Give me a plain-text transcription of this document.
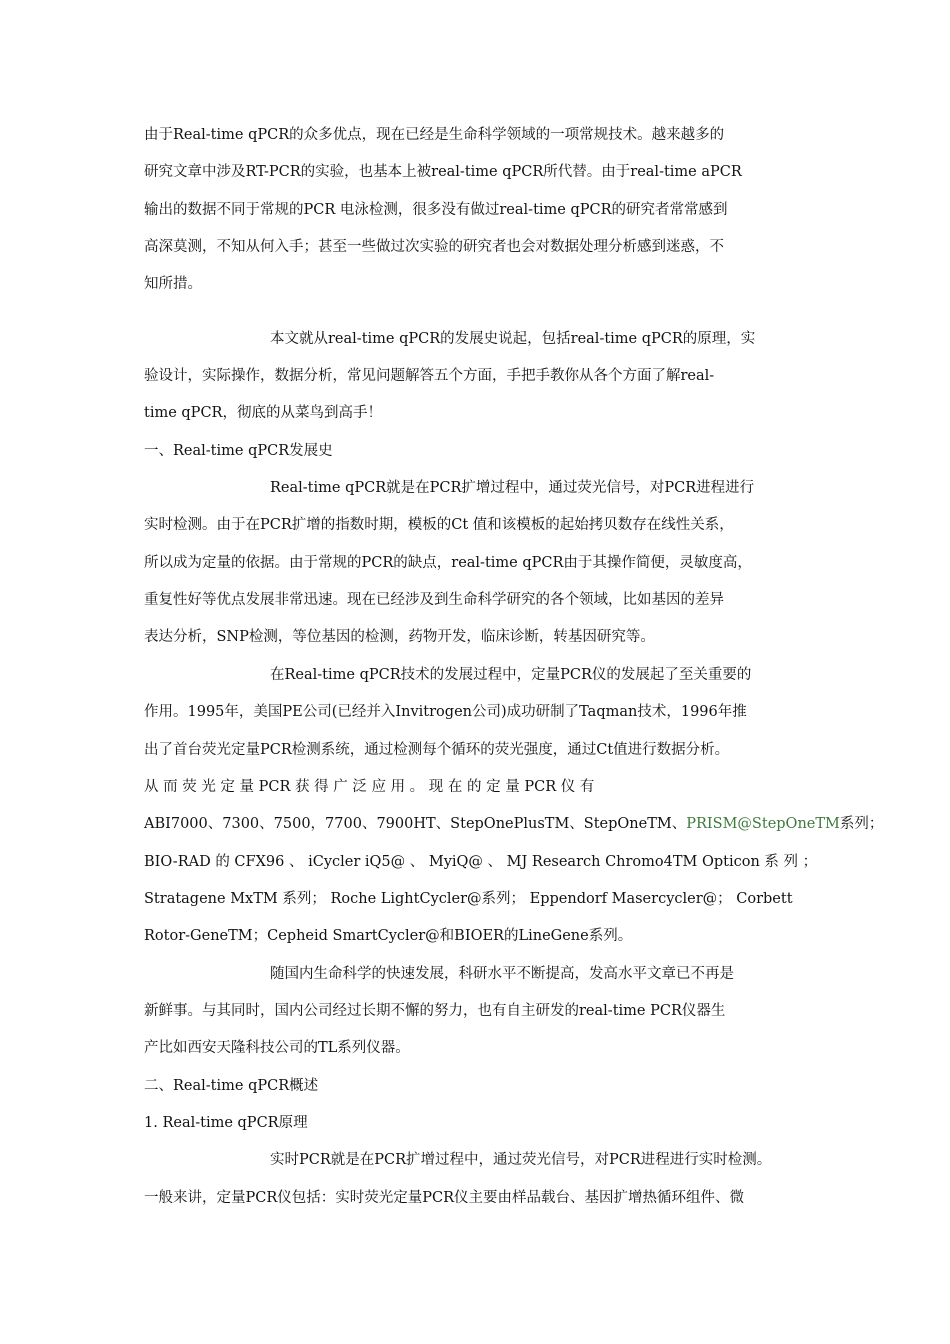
由于Real-time qPCR的众多优点，现在已经是生命科学领域的一项常规技术。越来越多的
研究文章中涉及RT-PCR的实验，也基本上被real-time qPCR所代替。由于real-time aPCR
输出的数据不同于常规的PCR 电泳检测，很多没有做过real-time qPCR的研究者常常感到
高深莫测，不知从何入手；甚至一些做过次实验的研究者也会对数据处理分析感到迷惑，不
知所措。
本文就从real-time qPCR的发展史说起，包括real-time qPCR的原理，实
验设计，实际操作，数据分析，常见问题解答五个方面，手把手教你从各个方面了解real-
time qPCR，彻底的从菜鸟到高手！
一、Real-time qPCR发展史
Real-time qPCR就是在PCR扩增过程中，通过荧光信号，对PCR进程进行
实时检测。由于在PCR扩增的指数时期，模板的Ct 值和该模板的起始拷贝数存在线性关系，
所以成为定量的依据。由于常规的PCR的缺点，real-time qPCR由于其操作简便，灵敏度高，
重复性好等优点发展非常迅速。现在已经涉及到生命科学研究的各个领域，比如基因的差异
表达分析，SNP检测，等位基因的检测，药物开发，临床诊断，转基因研究等。
在Real-time qPCR技术的发展过程中，定量PCR仪的发展起了至关重要的
作用。1995年，美国PE公司(已经并入Invitrogen公司)成功研制了Taqman技术，1996年推
出了首台荧光定量PCR检测系统，通过检测每个循环的荧光强度，通过Ct值进行数据分析。
从 而 荧 光 定 量 PCR 获 得 广 泛 应 用 。 现 在 的 定 量 PCR 仪 有
ABI7000、7300、7500，7700、7900HT、StepOnePlusTM、StepOneTM、PRISM@StepOneTM系列；
BIO-RAD 的 CFX96 、 iCycler iQ5@ 、 MyiQ@ 、 MJ Research Chromo4TM Opticon 系 列 ；
Stratagene MxTM 系列； Roche LightCycler@系列； Eppendorf Masercycler@； Corbett
Rotor-GeneTM；Cepheid SmartCycler@和BIOER的LineGene系列。
随国内生命科学的快速发展，科研水平不断提高，发高水平文章已不再是
新鲜事。与其同时，国内公司经过长期不懈的努力，也有自主研发的real-time PCR仪器生
产比如西安天隆科技公司的TL系列仪器。
二、Real-time qPCR概述
1. Real-time qPCR原理
实时PCR就是在PCR扩增过程中，通过荧光信号，对PCR进程进行实时检测。
一般来讲，定量PCR仪包括：实时荧光定量PCR仪主要由样品载台、基因扩增热循环组件、微
